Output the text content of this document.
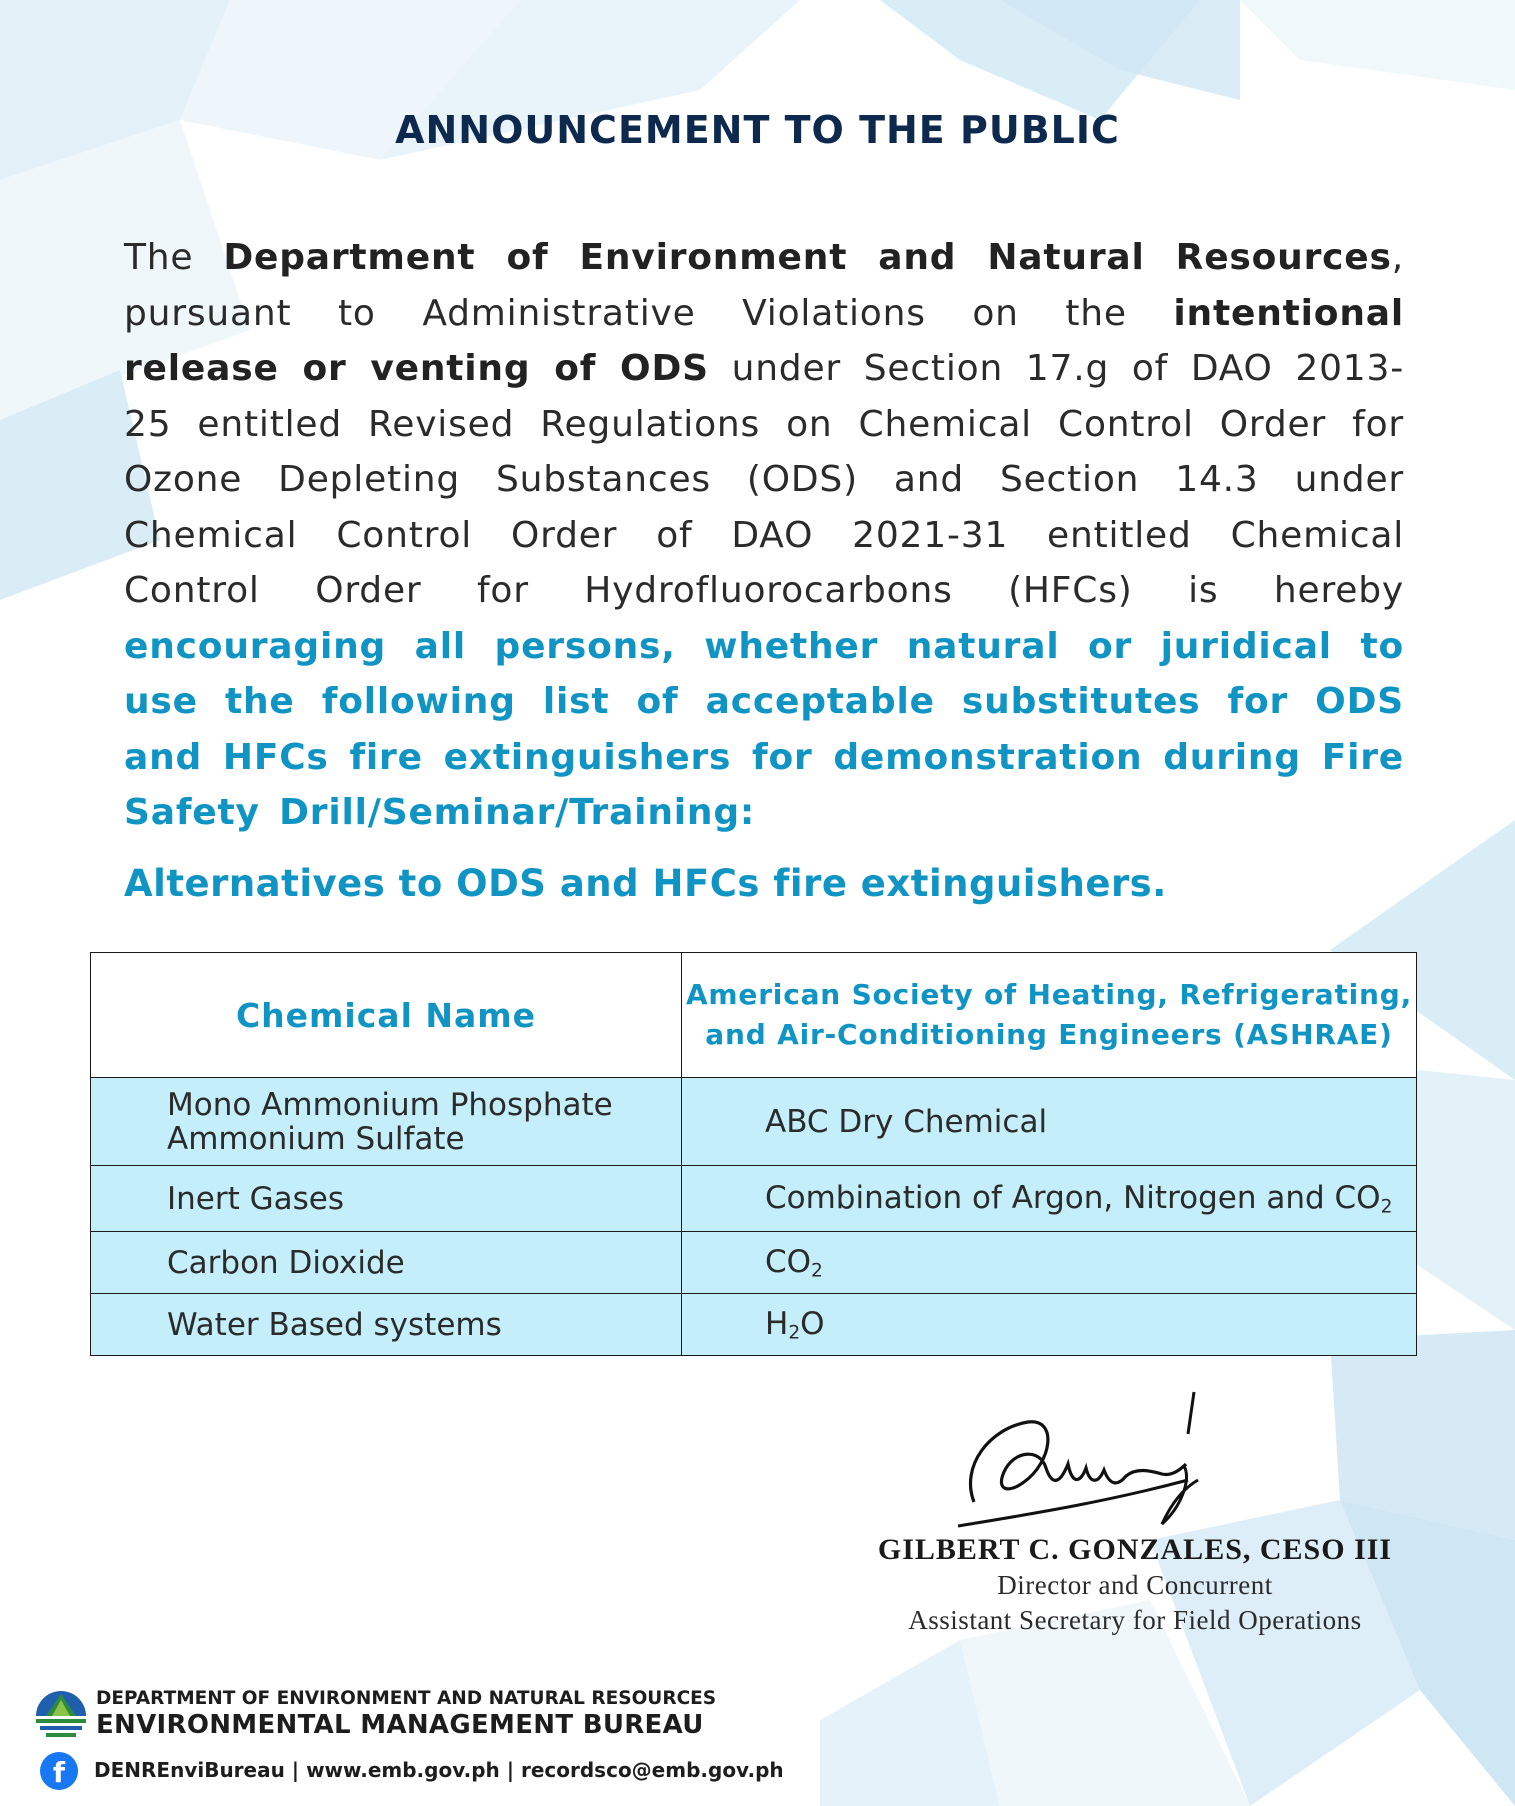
ANNOUNCEMENT TO THE PUBLIC
The Department of Environment and Natural Resources, pursuant to Administrative Violations on the intentional release or venting of ODS under Section 17.g of DAO 2013-25 entitled Revised Regulations on Chemical Control Order for Ozone Depleting Substances (ODS) and Section 14.3 under Chemical Control Order of DAO 2021-31 entitled Chemical Control Order for Hydrofluorocarbons (HFCs) is hereby encouraging all persons, whether natural or juridical to use the following list of acceptable substitutes for ODS and HFCs fire extinguishers for demonstration during Fire Safety Drill/Seminar/Training:
Alternatives to ODS and HFCs fire extinguishers.
Chemical Name	American Society of Heating, Refrigerating,
and Air-Conditioning Engineers (ASHRAE)

Mono Ammonium Phosphate
Ammonium Sulfate	ABC Dry Chemical
Inert Gases	Combination of Argon, Nitrogen and $CO_2$
Carbon Dioxide	$CO_2$
Water Based systems	$H_2O$
GILBERT C. GONZALES, CESO III
Director and Concurrent
Assistant Secretary for Field Operations
DEPARTMENT OF ENVIRONMENT AND NATURAL RESOURCES
ENVIRONMENTAL MANAGEMENT BUREAU
f	DENREnviBureau | www.emb.gov.ph | recordsco@emb.gov.ph
